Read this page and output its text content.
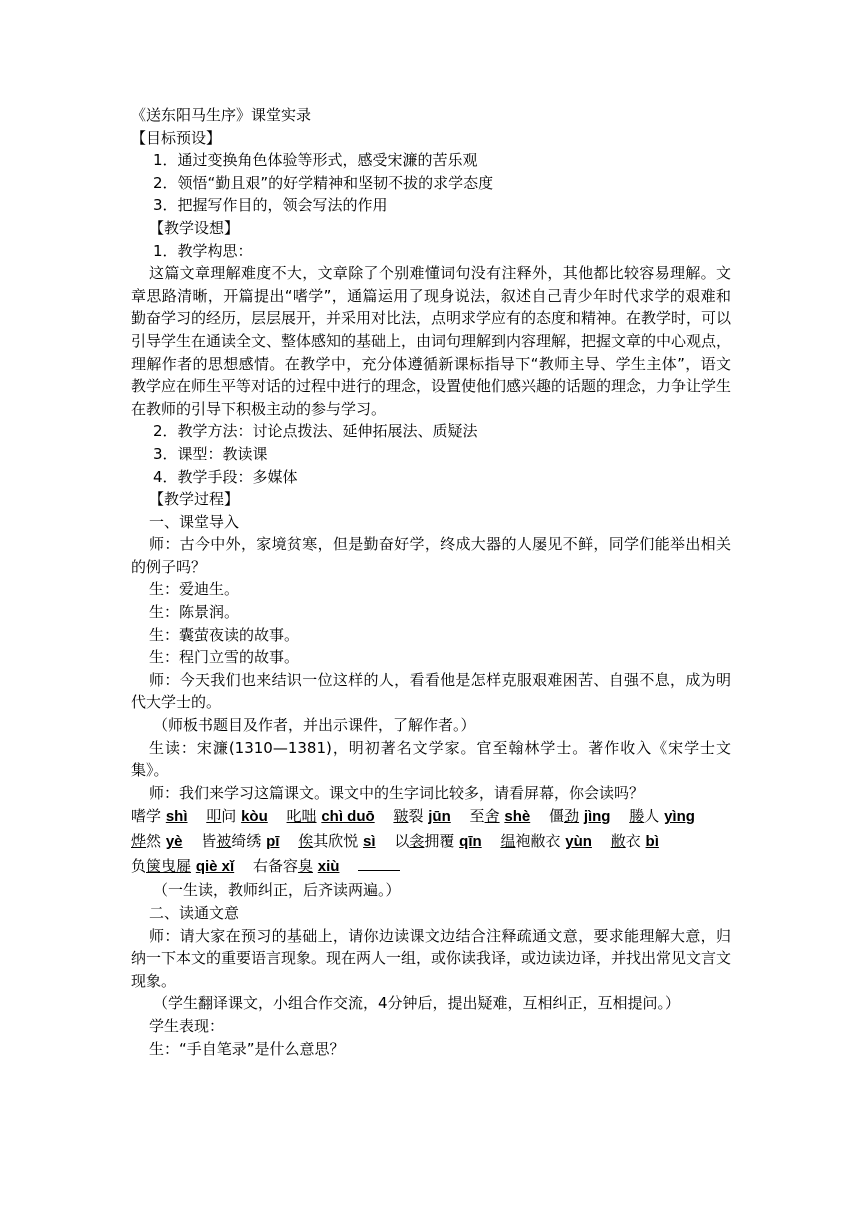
《送东阳马生序》课堂实录

【目标预设】

1．通过变换角色体验等形式，感受宋濂的苦乐观

2．领悟“勤且艰”的好学精神和坚韧不拔的求学态度

3．把握写作目的，领会写法的作用

【教学设想】

1．教学构思：

这篇文章理解难度不大，文章除了个别难懂词句没有注释外，其他都比较容易理解。文章思路清晰，开篇提出“嗜学”，通篇运用了现身说法，叙述自己青少年时代求学的艰难和勤奋学习的经历，层层展开，并采用对比法，点明求学应有的态度和精神。在教学时，可以引导学生在通读全文、整体感知的基础上，由词句理解到内容理解，把握文章的中心观点，理解作者的思想感情。在教学中，充分体遵循新课标指导下“教师主导、学生主体”，语文教学应在师生平等对话的过程中进行的理念，设置使他们感兴趣的话题的理念，力争让学生在教师的引导下积极主动的参与学习。

2．教学方法：讨论点拨法、延伸拓展法、质疑法

3．课型：教读课

4．教学手段：多媒体

【教学过程】

一、课堂导入

师：古今中外，家境贫寒，但是勤奋好学，终成大器的人屡见不鲜，同学们能举出相关的例子吗？

生：爱迪生。

生：陈景润。

生：囊萤夜读的故事。

生：程门立雪的故事。

师：今天我们也来结识一位这样的人，看看他是怎样克服艰难困苦、自强不息，成为明代大学士的。

（师板书题目及作者，并出示课件，了解作者。）

生读：宋濂(1310—1381)，明初著名文学家。官至翰林学士。著作收入《宋学士文集》。

师：我们来学习这篇课文。课文中的生字词比较多，请看屏幕，你会读吗？

嗜学 shì 叩问 kòu 叱咄 chì duō 皲裂 jūn 至舍 shè 僵劲 jìng 媵人 yìng 烨然 yè 皆被绮绣 pī 俟其欣悦 sì 以衾拥覆 qīn 缊袍敝衣 yùn 敝衣 bì 负箧曳屣 qiè xǐ 右备容臭 xiù

（一生读，教师纠正，后齐读两遍。）

二、读通文意

师：请大家在预习的基础上，请你边读课文边结合注释疏通文意，要求能理解大意，归纳一下本文的重要语言现象。现在两人一组，或你读我译，或边读边译，并找出常见文言文现象。

（学生翻译课文，小组合作交流，4分钟后，提出疑难，互相纠正，互相提问。）

学生表现：

生：“手自笔录”是什么意思？
